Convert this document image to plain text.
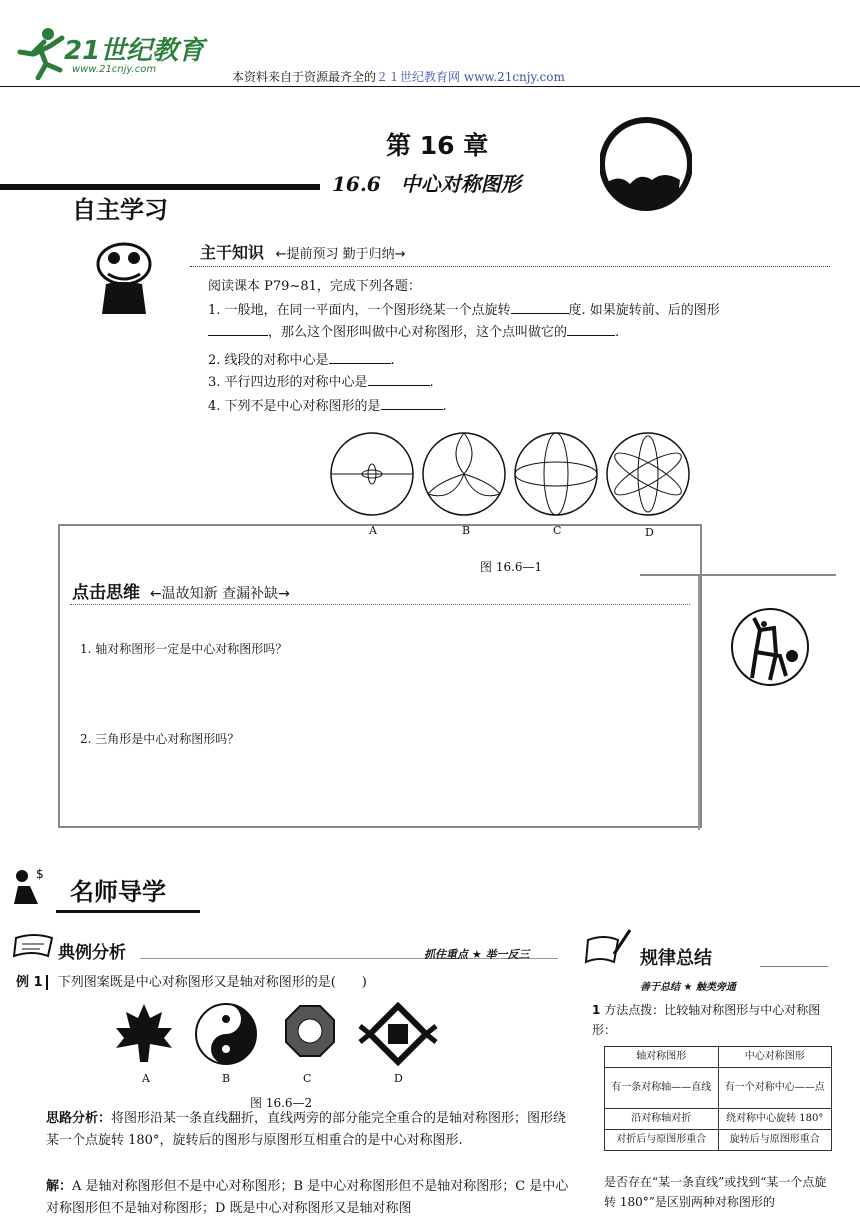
21世纪教育
www.21cnjy.com
本资料来自于资源最齐全的２１世纪教育网 www.21cnjy.com
第 16 章
16.6　中心对称图形
自主学习
主干知识 ←提前预习 勤于归纳→
阅读课本 P79~81，完成下列各题：
1. 一般地，在同一平面内，一个图形绕某一个点旋转	度. 如果旋转前、后的图形
，那么这个图形叫做中心对称图形，这个点叫做它的	.
2. 线段的对称中心是	.
3. 平行四边形的对称中心是	.
4. 下列不是中心对称图形的是	.
A	B	C	D
图 16.6—1
点击思维 ←温故知新 查漏补缺→
1. 轴对称图形一定是中心对称图形吗？
2. 三角形是中心对称图形吗？
$
名师导学
典例分析	抓住重点 ★ 举一反三
例 1 下列图案既是中心对称图形又是轴对称图形的是(　　)
A	B	C	D
图 16.6—2
思路分析：将图形沿某一条直线翻折，直线两旁的部分能完全重合的是轴对称图形；图形绕某一个点旋转 180°，旋转后的图形与原图形互相重合的是中心对称图形.
解：A 是轴对称图形但不是中心对称图形；B 是中心对称图形但不是轴对称图形；C 是中心对称图形但不是轴对称图形；D 既是中心对称图形又是轴对称图
规律总结
善于总结 ★ 触类旁通
1 方法点拨：比较轴对称图形与中心对称图形：
轴对称图形	中心对称图形
有一条对称轴——直线	有一个对称中心——点
沿对称轴对折	绕对称中心旋转 180°
对折后与原图形重合	旋转后与原图形重合
是否存在“某一条直线”或找到“某一个点旋转 180°”是区别两种对称图形的
